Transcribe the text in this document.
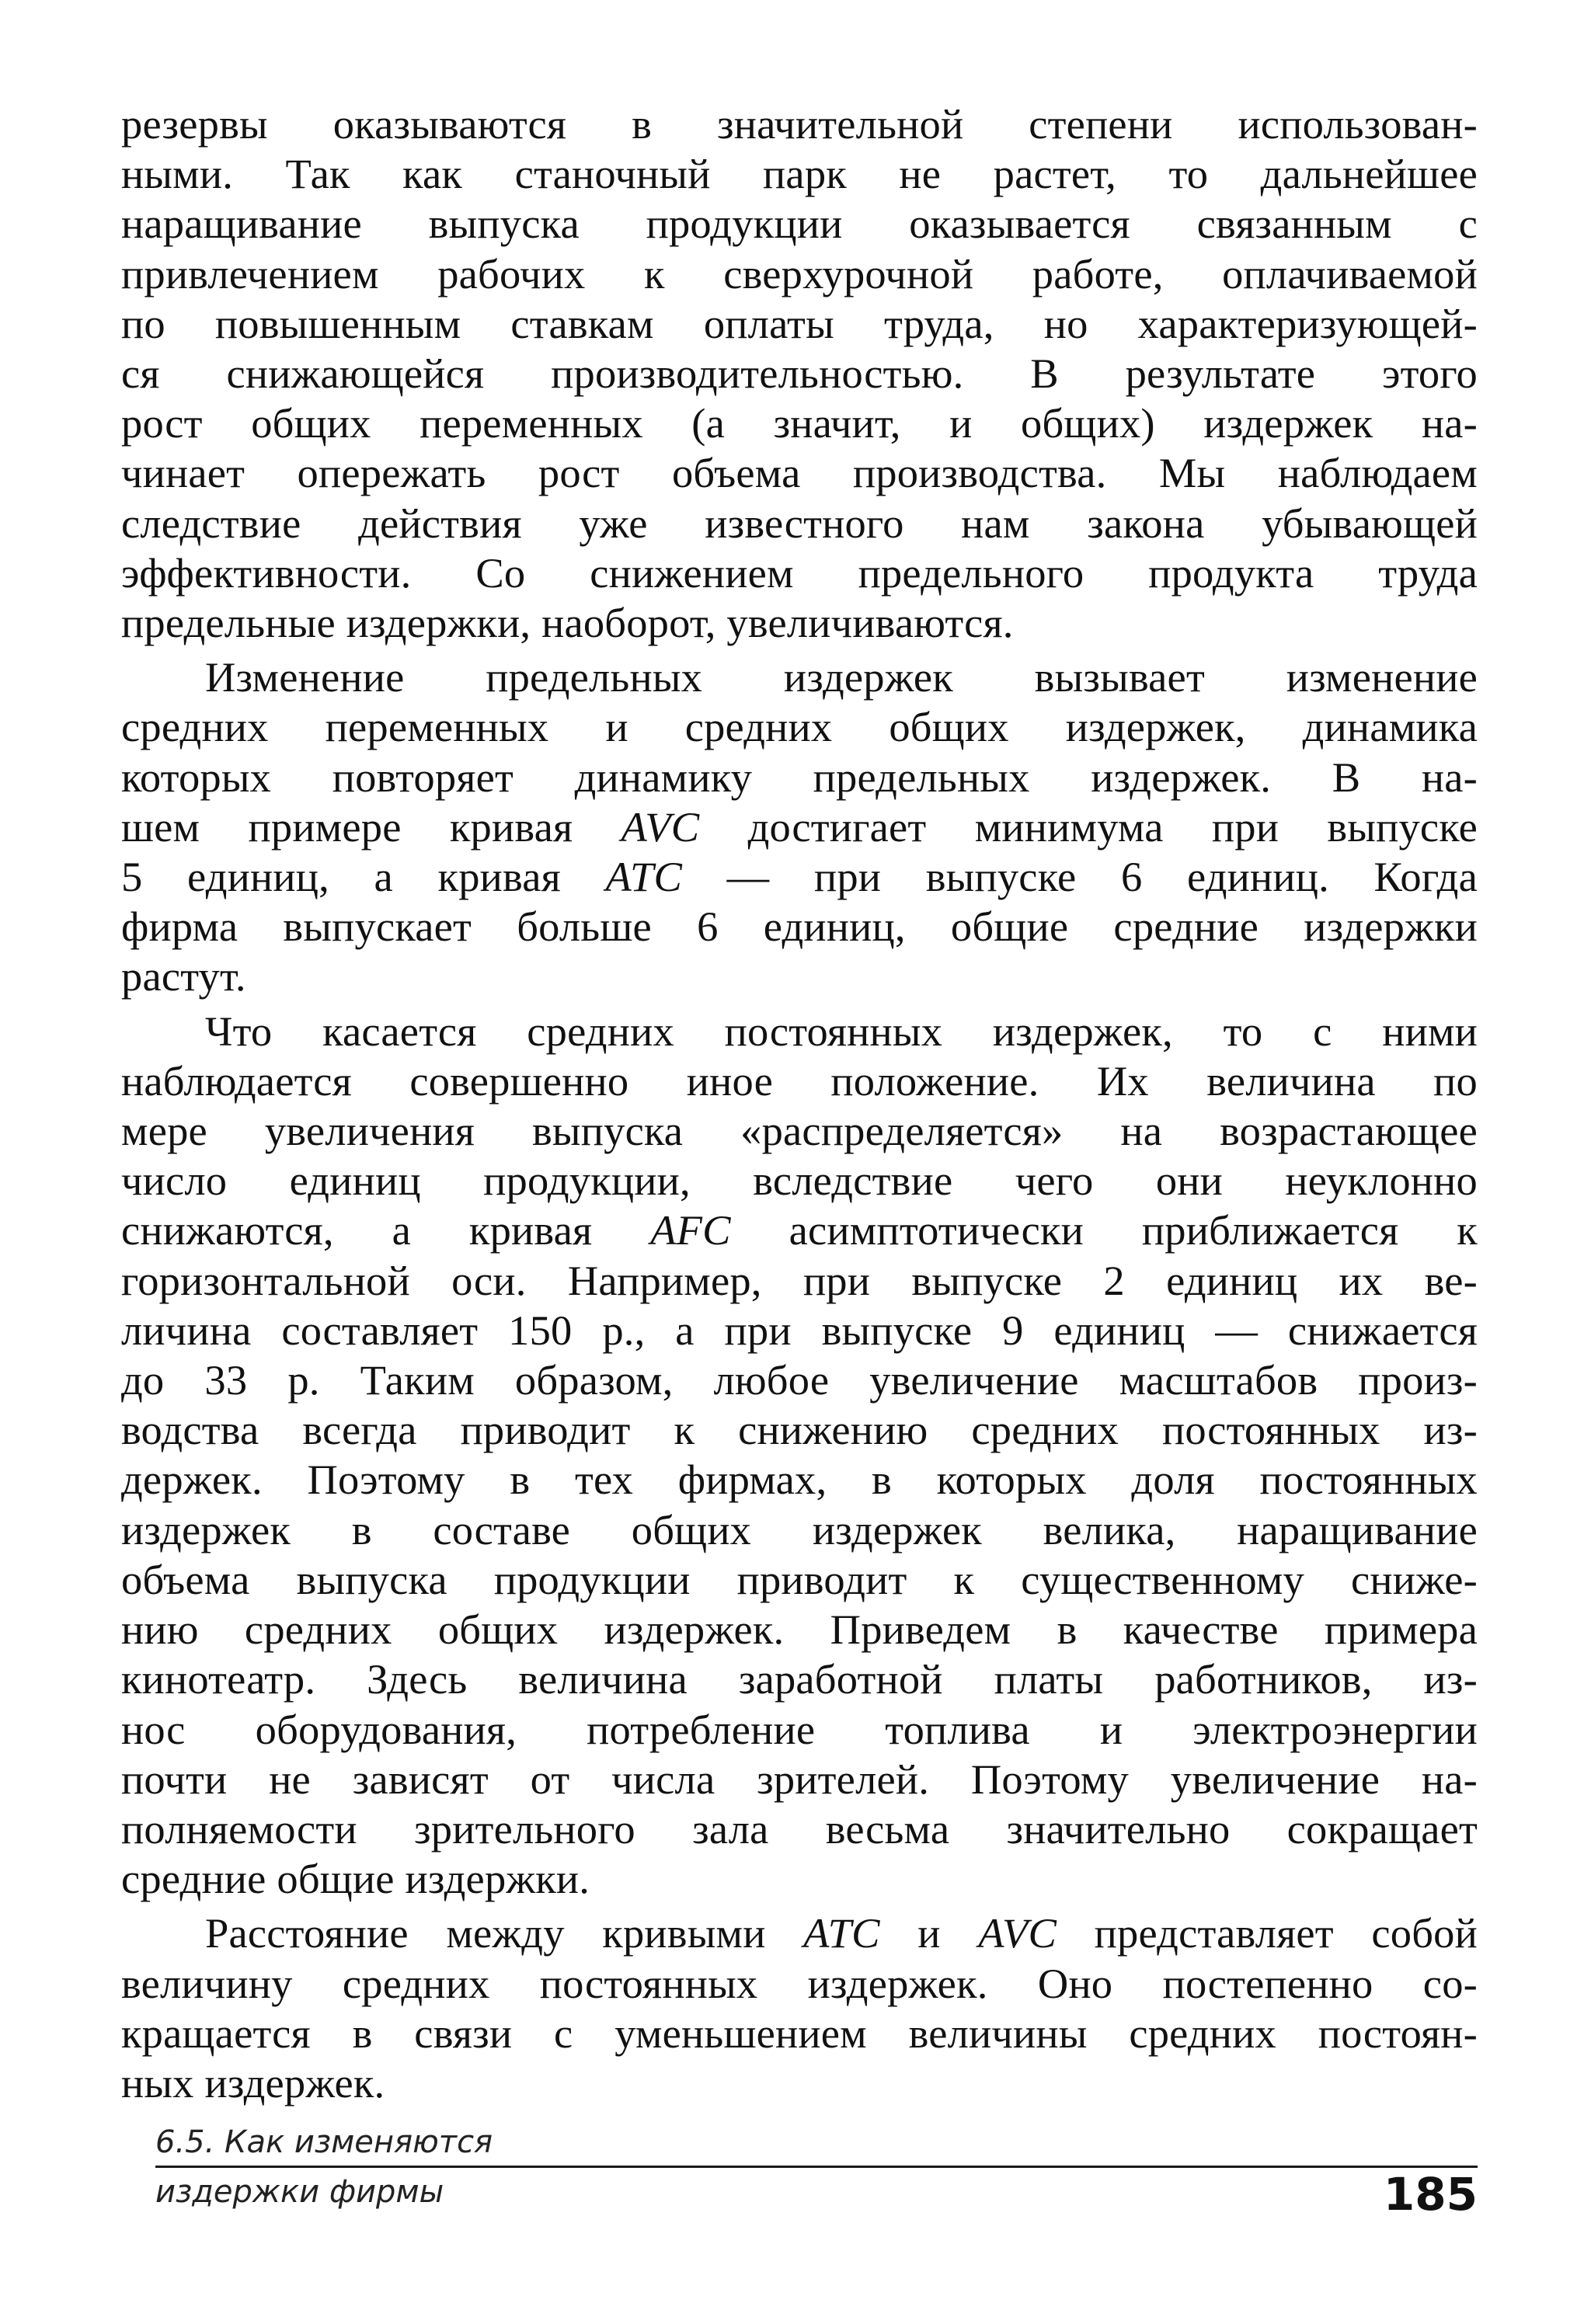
резервы оказываются в значительной степени использован-
ными. Так как станочный парк не растет, то дальнейшее
наращивание выпуска продукции оказывается связанным с
привлечением рабочих к сверхурочной работе, оплачиваемой
по повышенным ставкам оплаты труда, но характеризующей-
ся снижающейся производительностью. В результате этого
рост общих переменных (а значит, и общих) издержек на-
чинает опережать рост объема производства. Мы наблюдаем
следствие действия уже известного нам закона убывающей
эффективности. Со снижением предельного продукта труда
предельные издержки, наоборот, увеличиваются.

Изменение предельных издержек вызывает изменение
средних переменных и средних общих издержек, динамика
которых повторяет динамику предельных издержек. В на-
шем примере кривая AVC достигает минимума при выпуске
5 единиц, а кривая ATC — при выпуске 6 единиц. Когда
фирма выпускает больше 6 единиц, общие средние издержки
растут.

Что касается средних постоянных издержек, то с ними
наблюдается совершенно иное положение. Их величина по
мере увеличения выпуска «распределяется» на возрастающее
число единиц продукции, вследствие чего они неуклонно
снижаются, а кривая AFC асимптотически приближается к
горизонтальной оси. Например, при выпуске 2 единиц их ве-
личина составляет 150 р., а при выпуске 9 единиц — снижается
до 33 р. Таким образом, любое увеличение масштабов произ-
водства всегда приводит к снижению средних постоянных из-
держек. Поэтому в тех фирмах, в которых доля постоянных
издержек в составе общих издержек велика, наращивание
объема выпуска продукции приводит к существенному сниже-
нию средних общих издержек. Приведем в качестве примера
кинотеатр. Здесь величина заработной платы работников, из-
нос оборудования, потребление топлива и электроэнергии
почти не зависят от числа зрителей. Поэтому увеличение на-
полняемости зрительного зала весьма значительно сокращает
средние общие издержки.

Расстояние между кривыми ATC и AVC представляет собой
величину средних постоянных издержек. Оно постепенно со-
кращается в связи с уменьшением величины средних постоян-
ных издержек.

6.5. Как изменяются
издержки фирмы	185
